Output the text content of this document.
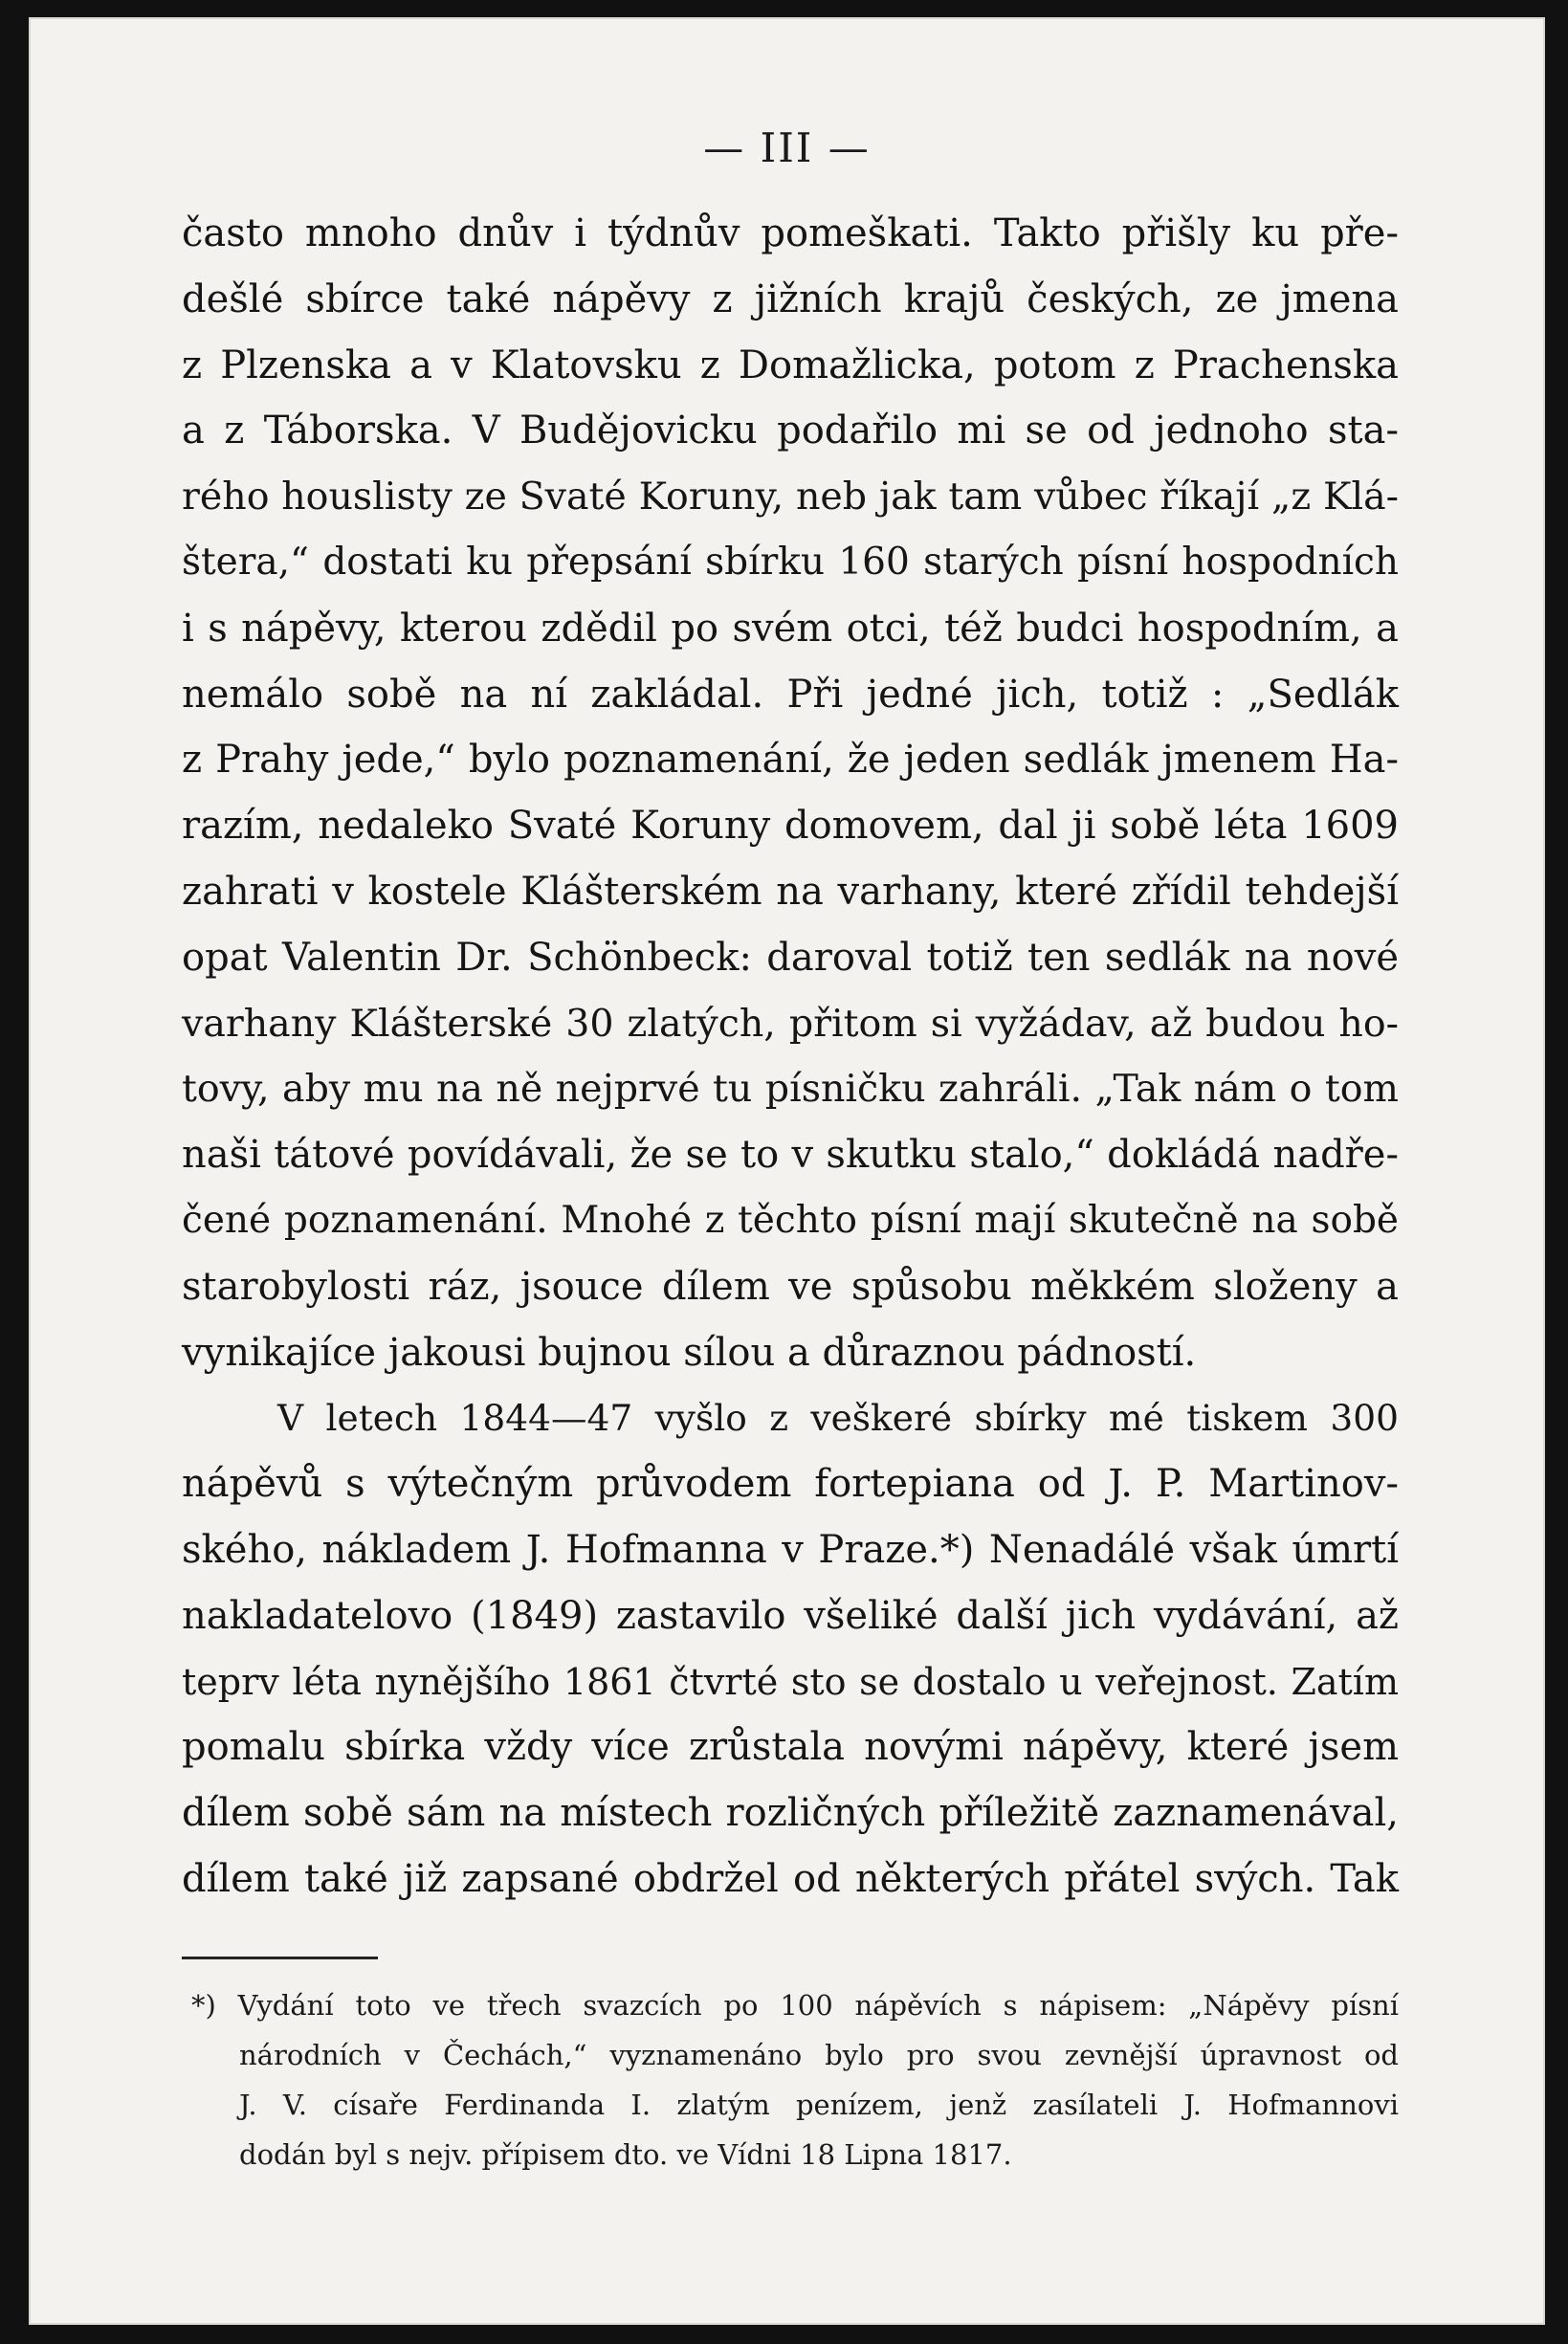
— III —
často mnoho dnův i týdnův pomeškati. Takto přišly ku pře-
dešlé sbírce také nápěvy z jižních krajů českých, ze jmena
z Plzenska a v Klatovsku z Domažlicka, potom z Prachenska
a z Táborska. V Budějovicku podařilo mi se od jednoho sta-
rého houslisty ze Svaté Koruny, neb jak tam vůbec říkají „z Klá-
štera,“ dostati ku přepsání sbírku 160 starých písní hospodních
i s nápěvy, kterou zdědil po svém otci, též budci hospodním, a
nemálo sobě na ní zakládal. Při jedné jich, totiž : „Sedlák
z Prahy jede,“ bylo poznamenání, že jeden sedlák jmenem Ha-
razím, nedaleko Svaté Koruny domovem, dal ji sobě léta 1609
zahrati v kostele Klášterském na varhany, které zřídil tehdejší
opat Valentin Dr. Schönbeck: daroval totiž ten sedlák na nové
varhany Klášterské 30 zlatých, přitom si vyžádav, až budou ho-
tovy, aby mu na ně nejprvé tu písničku zahráli. „Tak nám o tom
naši tátové povídávali, že se to v skutku stalo,“ dokládá nadře-
čené poznamenání. Mnohé z těchto písní mají skutečně na sobě
starobylosti ráz, jsouce dílem ve spůsobu měkkém složeny a
vynikajíce jakousi bujnou sílou a důraznou pádností.
V letech 1844—47 vyšlo z veškeré sbírky mé tiskem 300
nápěvů s výtečným průvodem fortepiana od J. P. Martinov-
ského, nákladem J. Hofmanna v Praze.*) Nenadálé však úmrtí
nakladatelovo (1849) zastavilo všeliké další jich vydávání, až
teprv léta nynějšího 1861 čtvrté sto se dostalo u veřejnost. Zatím
pomalu sbírka vždy více zrůstala novými nápěvy, které jsem
dílem sobě sám na místech rozličných příležitě zaznamenával,
dílem také již zapsané obdržel od některých přátel svých. Tak
*) Vydání toto ve třech svazcích po 100 nápěvích s nápisem: „Nápěvy písní
národních v Čechách,“ vyznamenáno bylo pro svou zevnější úpravnost od
J. V. císaře Ferdinanda I. zlatým penízem, jenž zasílateli J. Hofmannovi
dodán byl s nejv. přípisem dto. ve Vídni 18 Lipna 1817.
